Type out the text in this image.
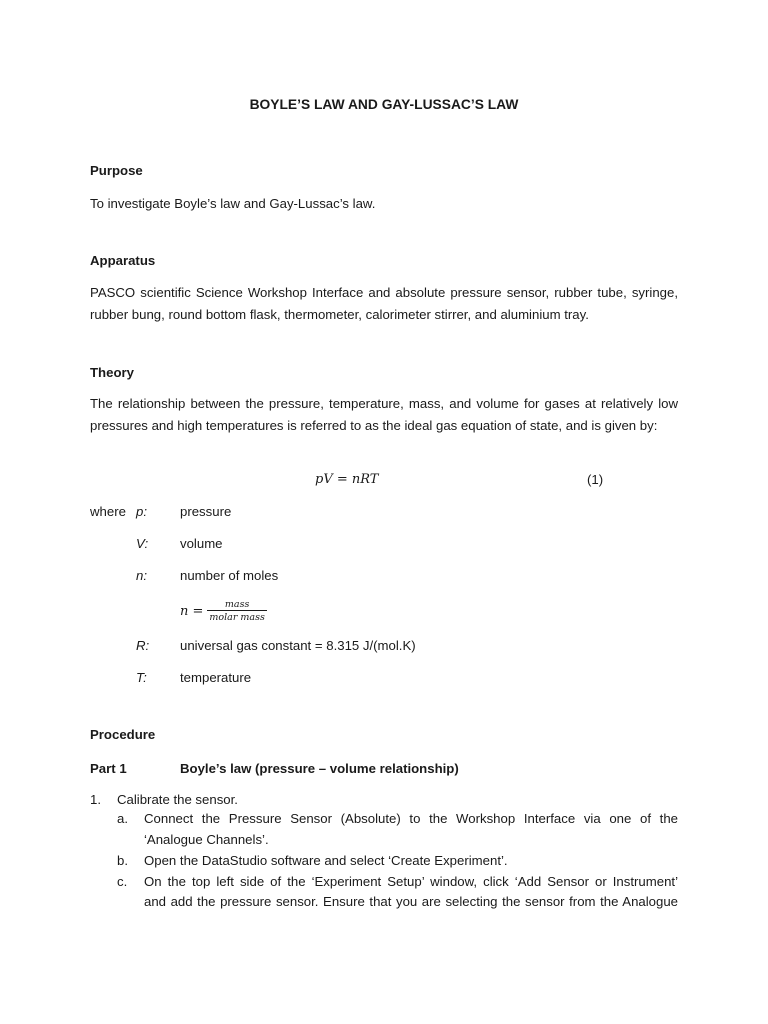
BOYLE’S LAW AND GAY-LUSSAC’S LAW
Purpose
To investigate Boyle’s law and Gay-Lussac’s law.
Apparatus
PASCO scientific Science Workshop Interface and absolute pressure sensor, rubber tube, syringe, rubber bung, round bottom flask, thermometer, calorimeter stirrer, and aluminium tray.
Theory
The relationship between the pressure, temperature, mass, and volume for gases at relatively low pressures and high temperatures is referred to as the ideal gas equation of state, and is given by:
pV = nRT	(1)
where p:	pressure
V: volume
n:	number of moles
$n = \frac{\text{mass}}{\text{molar mass}}$
R: universal gas constant = 8.315 J/(mol.K)
T:	temperature
Procedure
Part 1	Boyle’s law (pressure – volume relationship)
1. Calibrate the sensor.
a. Connect the Pressure Sensor (Absolute) to the Workshop Interface via one of the
‘Analogue Channels’.
b. Open the DataStudio software and select ‘Create Experiment’.
c. On the top left side of the ‘Experiment Setup’ window, click ‘Add Sensor or Instrument’
and add the pressure sensor. Ensure that you are selecting the sensor from the Analogue
